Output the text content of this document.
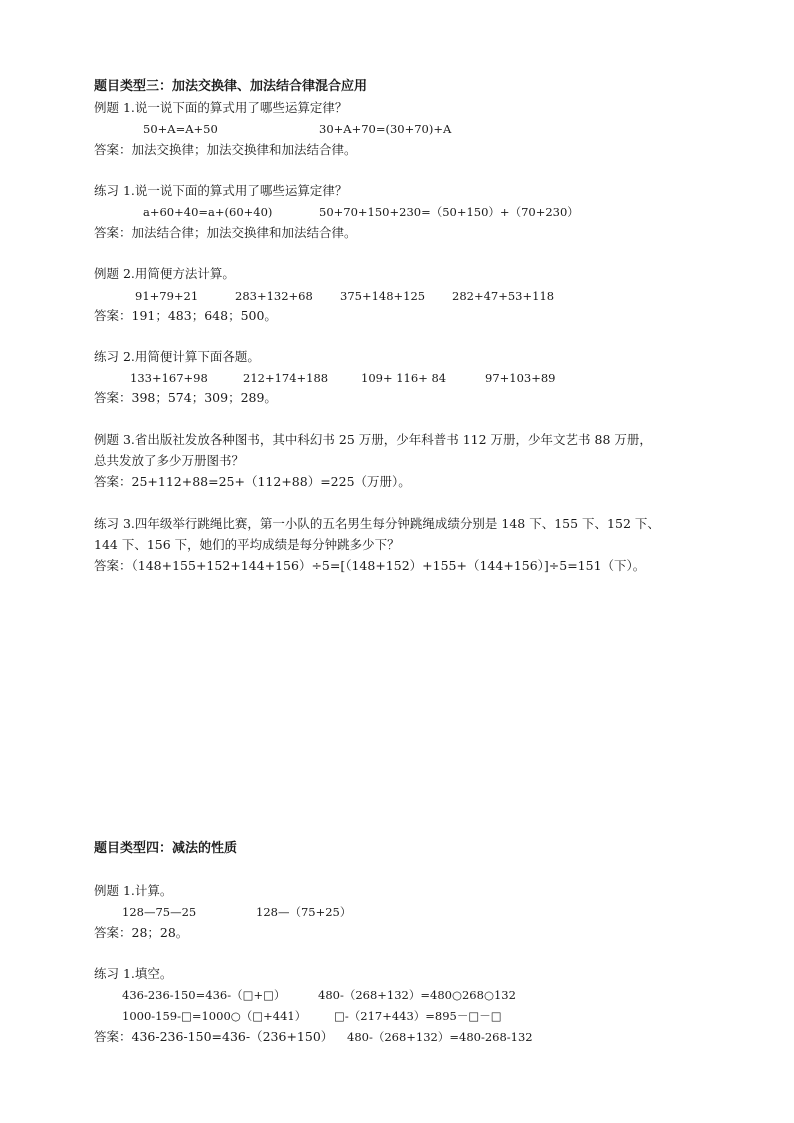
题目类型三：加法交换律、加法结合律混合应用
例题 1.说一说下面的算式用了哪些运算定律？
50+A=A+50	30+A+70=(30+70)+A
答案：加法交换律；加法交换律和加法结合律。
练习 1.说一说下面的算式用了哪些运算定律？
a+60+40=a+(60+40)	50+70+150+230=（50+150）+（70+230）
答案：加法结合律；加法交换律和加法结合律。
例题 2.用简便方法计算。
91+79+21	283+132+68 375+148+125 282+47+53+118
答案：191；483；648；500。
练习 2.用简便计算下面各题。
133+167+98	212+174+188	109+ 116+ 84	97+103+89
答案：398；574；309；289。
例题 3.省出版社发放各种图书，其中科幻书 25 万册，少年科普书 112 万册，少年文艺书 88 万册，
总共发放了多少万册图书？
答案：25+112+88=25+（112+88）=225（万册）。
练习 3.四年级举行跳绳比赛，第一小队的五名男生每分钟跳绳成绩分别是 148 下、155 下、152 下、
144 下、156 下，她们的平均成绩是每分钟跳多少下？
答案：（148+155+152+144+156）÷5=[（148+152）+155+（144+156）]÷5=151（下）。
题目类型四：减法的性质
例题 1.计算。
128—75—25	128—（75+25）
答案：28；28。
练习 1.填空。
436-236-150=436-（□+□）	480-（268+132）=480○268○132
1000-159-□=1000○（□+441） □-（217+443）=895－□－□
答案：436-236-150=436-（236+150） 480-（268+132）=480-268-132
